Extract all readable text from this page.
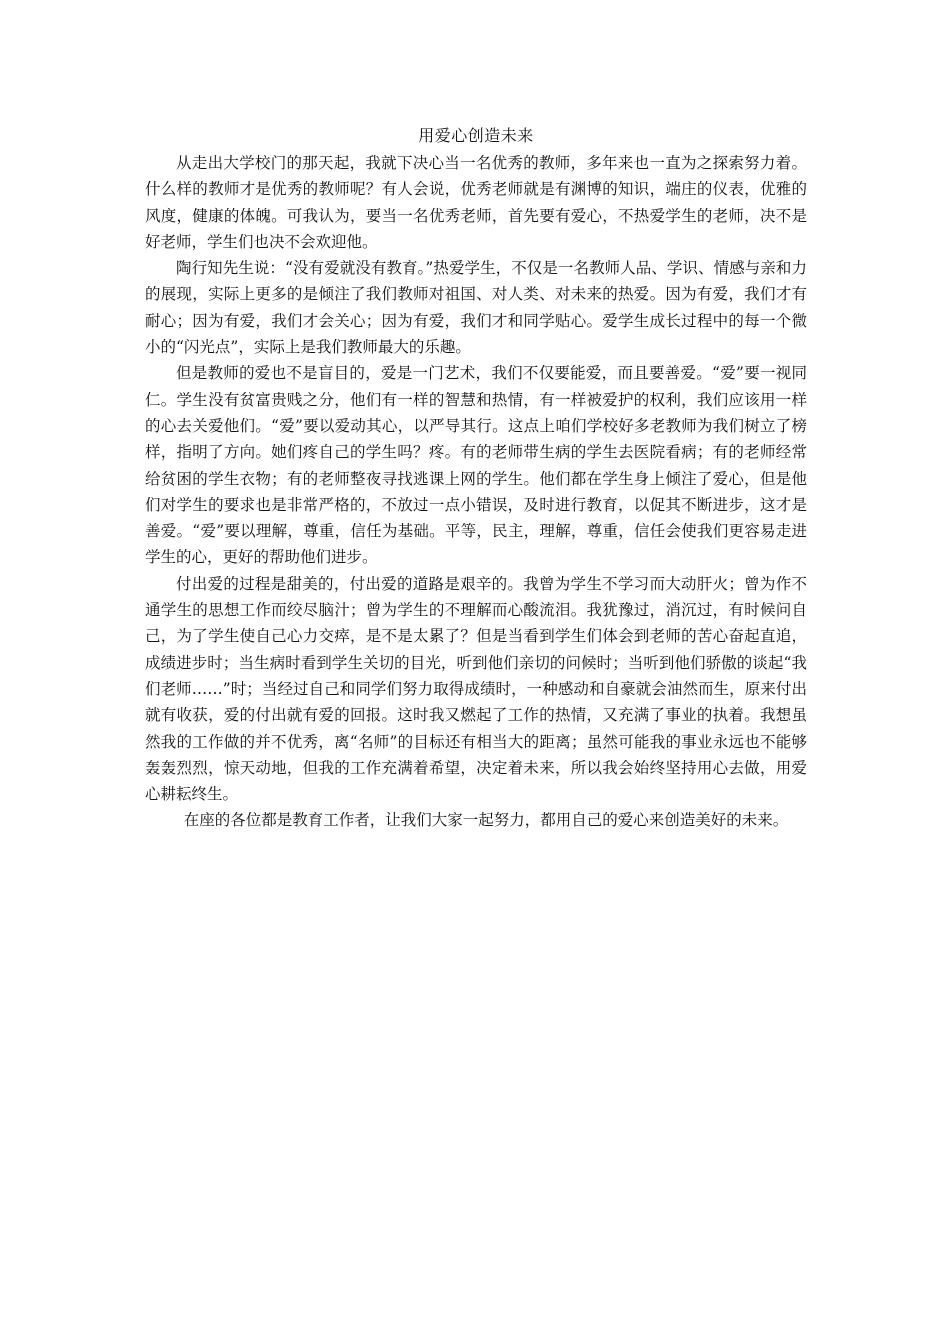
用爱心创造未来

从走出大学校门的那天起，我就下决心当一名优秀的教师，多年来也一直为之探索努力着。什么样的教师才是优秀的教师呢？有人会说，优秀老师就是有渊博的知识，端庄的仪表，优雅的风度，健康的体魄。可我认为，要当一名优秀老师，首先要有爱心，不热爱学生的老师，决不是好老师，学生们也决不会欢迎他。

陶行知先生说：“没有爱就没有教育。”热爱学生，不仅是一名教师人品、学识、情感与亲和力的展现，实际上更多的是倾注了我们教师对祖国、对人类、对未来的热爱。因为有爱，我们才有耐心；因为有爱，我们才会关心；因为有爱，我们才和同学贴心。爱学生成长过程中的每一个微小的“闪光点”，实际上是我们教师最大的乐趣。

但是教师的爱也不是盲目的，爱是一门艺术，我们不仅要能爱，而且要善爱。“爱”要一视同仁。学生没有贫富贵贱之分，他们有一样的智慧和热情，有一样被爱护的权利，我们应该用一样的心去关爱他们。“爱”要以爱动其心，以严导其行。这点上咱们学校好多老教师为我们树立了榜样，指明了方向。她们疼自己的学生吗？疼。有的老师带生病的学生去医院看病；有的老师经常给贫困的学生衣物；有的老师整夜寻找逃课上网的学生。他们都在学生身上倾注了爱心，但是他们对学生的要求也是非常严格的，不放过一点小错误，及时进行教育，以促其不断进步，这才是善爱。“爱”要以理解，尊重，信任为基础。平等，民主，理解，尊重，信任会使我们更容易走进学生的心，更好的帮助他们进步。

付出爱的过程是甜美的，付出爱的道路是艰辛的。我曾为学生不学习而大动肝火；曾为作不通学生的思想工作而绞尽脑汁；曾为学生的不理解而心酸流泪。我犹豫过，消沉过，有时候问自己，为了学生使自己心力交瘁，是不是太累了？但是当看到学生们体会到老师的苦心奋起直追，成绩进步时；当生病时看到学生关切的目光，听到他们亲切的问候时；当听到他们骄傲的谈起“我们老师……”时；当经过自己和同学们努力取得成绩时，一种感动和自豪就会油然而生，原来付出就有收获，爱的付出就有爱的回报。这时我又燃起了工作的热情，又充满了事业的执着。我想虽然我的工作做的并不优秀，离“名师”的目标还有相当大的距离；虽然可能我的事业永远也不能够轰轰烈烈，惊天动地，但我的工作充满着希望，决定着未来，所以我会始终坚持用心去做，用爱心耕耘终生。

在座的各位都是教育工作者，让我们大家一起努力，都用自己的爱心来创造美好的未来。
